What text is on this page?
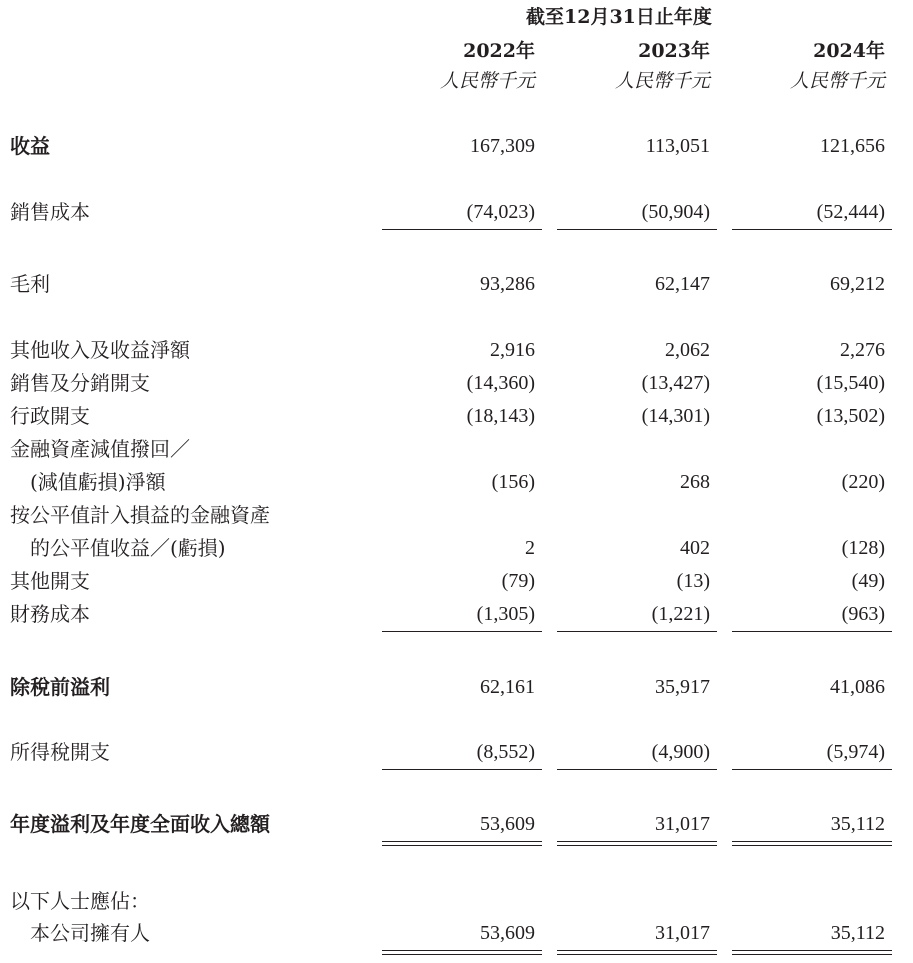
截至12月31日止年度
2022年	2023年	2024年
人民幣千元	人民幣千元	人民幣千元
收益	167,309	113,051	121,656
銷售成本	(74,023)	(50,904)	(52,444)
毛利	93,286	62,147	69,212
其他收入及收益淨額	2,916	2,062	2,276
銷售及分銷開支	(14,360)	(13,427)	(15,540)
行政開支	(18,143)	(14,301)	(13,502)
金融資產減值撥回／
(減值虧損)淨額	(156)	268	(220)
按公平值計入損益的金融資產
的公平值收益／(虧損)	2	402	(128)
其他開支	(79)	(13)	(49)
財務成本	(1,305)	(1,221)	(963)
除稅前溢利	62,161	35,917	41,086
所得稅開支	(8,552)	(4,900)	(5,974)
年度溢利及年度全面收入總額	53,609	31,017	35,112
以下人士應佔：
本公司擁有人	53,609	31,017	35,112
